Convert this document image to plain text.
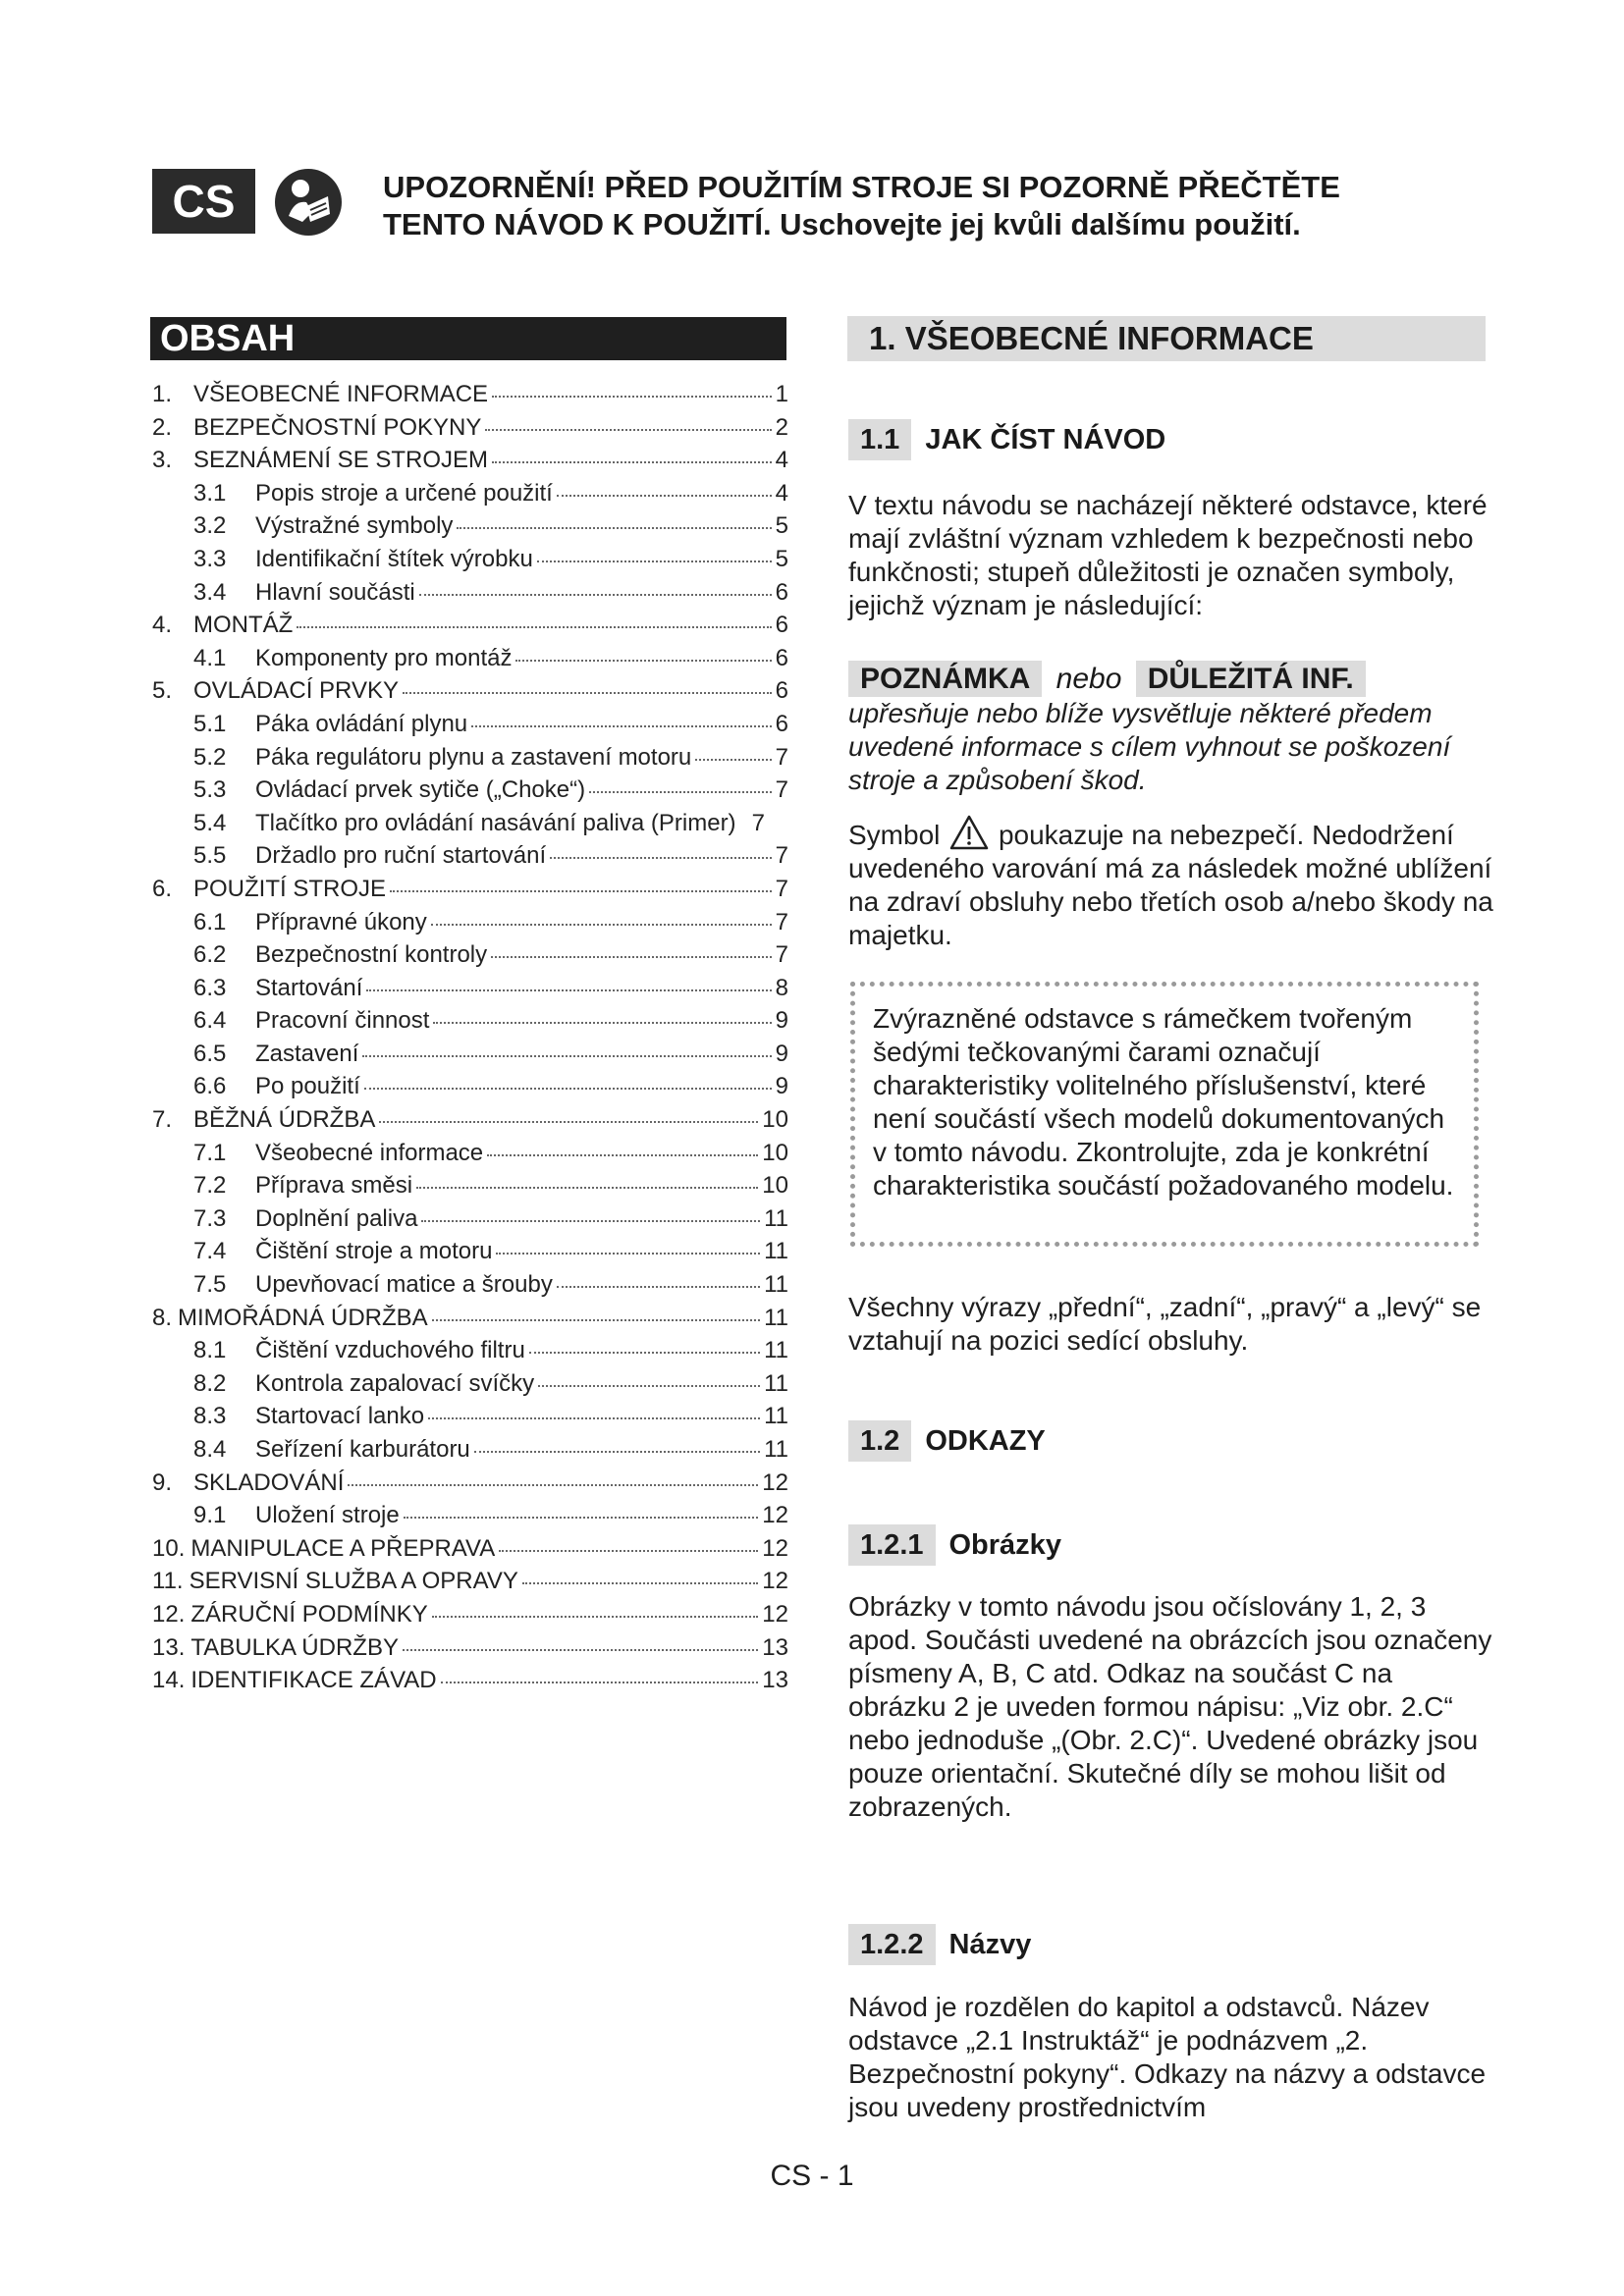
CS	UPOZORNĚNÍ! PŘED POUŽITÍM STROJE SI POZORNĚ PŘEČTĚTE
TENTO NÁVOD K POUŽITÍ. Uschovejte jej kvůli dalšímu použití.
OBSAH
1. VŠEOBECNÉ INFORMACE	1
2. BEZPEČNOSTNÍ POKYNY	2
3. SEZNÁMENÍ SE STROJEM	4
3.1	Popis stroje a určené použití	4
3.2	Výstražné symboly	5
3.3	Identifikační štítek výrobku	5
3.4	Hlavní součásti	6
4. MONTÁŽ	6
4.1	Komponenty pro montáž	6
5. OVLÁDACÍ PRVKY	6
5.1	Páka ovládání plynu	6
5.2	Páka regulátoru plynu a zastavení motoru	7
5.3	Ovládací prvek sytiče („Choke“)	7
5.4	Tlačítko pro ovládání nasávání paliva (Primer) 7
5.5	Držadlo pro ruční startování	7
6. POUŽITÍ STROJE	7
6.1	Přípravné úkony	7
6.2	Bezpečnostní kontroly	7
6.3	Startování	8
6.4	Pracovní činnost	9
6.5	Zastavení	9
6.6	Po použití	9
7. BĚŽNÁ ÚDRŽBA	10
7.1	Všeobecné informace	10
7.2	Příprava směsi	10
7.3	Doplnění paliva	11
7.4	Čištění stroje a motoru	11
7.5	Upevňovací matice a šrouby	11
8. MIMOŘÁDNÁ ÚDRŽBA	11
8.1	Čištění vzduchového filtru	11
8.2	Kontrola zapalovací svíčky	11
8.3	Startovací lanko	11
8.4	Seřízení karburátoru	11
9. SKLADOVÁNÍ	12
9.1	Uložení stroje	12
10. MANIPULACE A PŘEPRAVA	12
11. SERVISNÍ SLUŽBA A OPRAVY	12
12. ZÁRUČNÍ PODMÍNKY	12
13. TABULKA ÚDRŽBY	13
14. IDENTIFIKACE ZÁVAD	13
1. VŠEOBECNÉ INFORMACE
1.1 JAK ČÍST NÁVOD
V textu návodu se nacházejí některé odstavce, které mají zvláštní význam vzhledem k bezpečnosti nebo funkčnosti; stupeň důležitosti je označen symboly, jejichž význam je následující:
POZNÁMKA nebo DŮLEŽITÁ INF.
upřesňuje nebo blíže vysvětluje některé předem uvedené informace s cílem vyhnout se poškození stroje a způsobení škod.
Symbol poukazuje na nebezpečí. Nedodržení uvedeného varování má za následek možné ublížení na zdraví obsluhy nebo třetích osob a/nebo škody na majetku.
Zvýrazněné odstavce s rámečkem tvořeným šedými tečkovanými čarami označují charakteristiky volitelného příslušenství, které není součástí všech modelů dokumentovaných v tomto návodu. Zkontrolujte, zda je konkrétní charakteristika součástí požadovaného modelu.
Všechny výrazy „přední“, „zadní“, „pravý“ a „levý“ se vztahují na pozici sedící obsluhy.
1.2 ODKAZY
1.2.1 Obrázky
Obrázky v tomto návodu jsou očíslovány 1, 2, 3 apod. Součásti uvedené na obrázcích jsou označeny písmeny A, B, C atd. Odkaz na součást C na obrázku 2 je uveden formou nápisu: „Viz obr. 2.C“ nebo jednoduše „(Obr. 2.C)“. Uvedené obrázky jsou pouze orientační. Skutečné díly se mohou lišit od zobrazených.
1.2.2 Názvy
Návod je rozdělen do kapitol a odstavců. Název odstavce „2.1 Instruktáž“ je podnázvem „2. Bezpečnostní pokyny“. Odkazy na názvy a odstavce jsou uvedeny prostřednictvím
CS - 1
